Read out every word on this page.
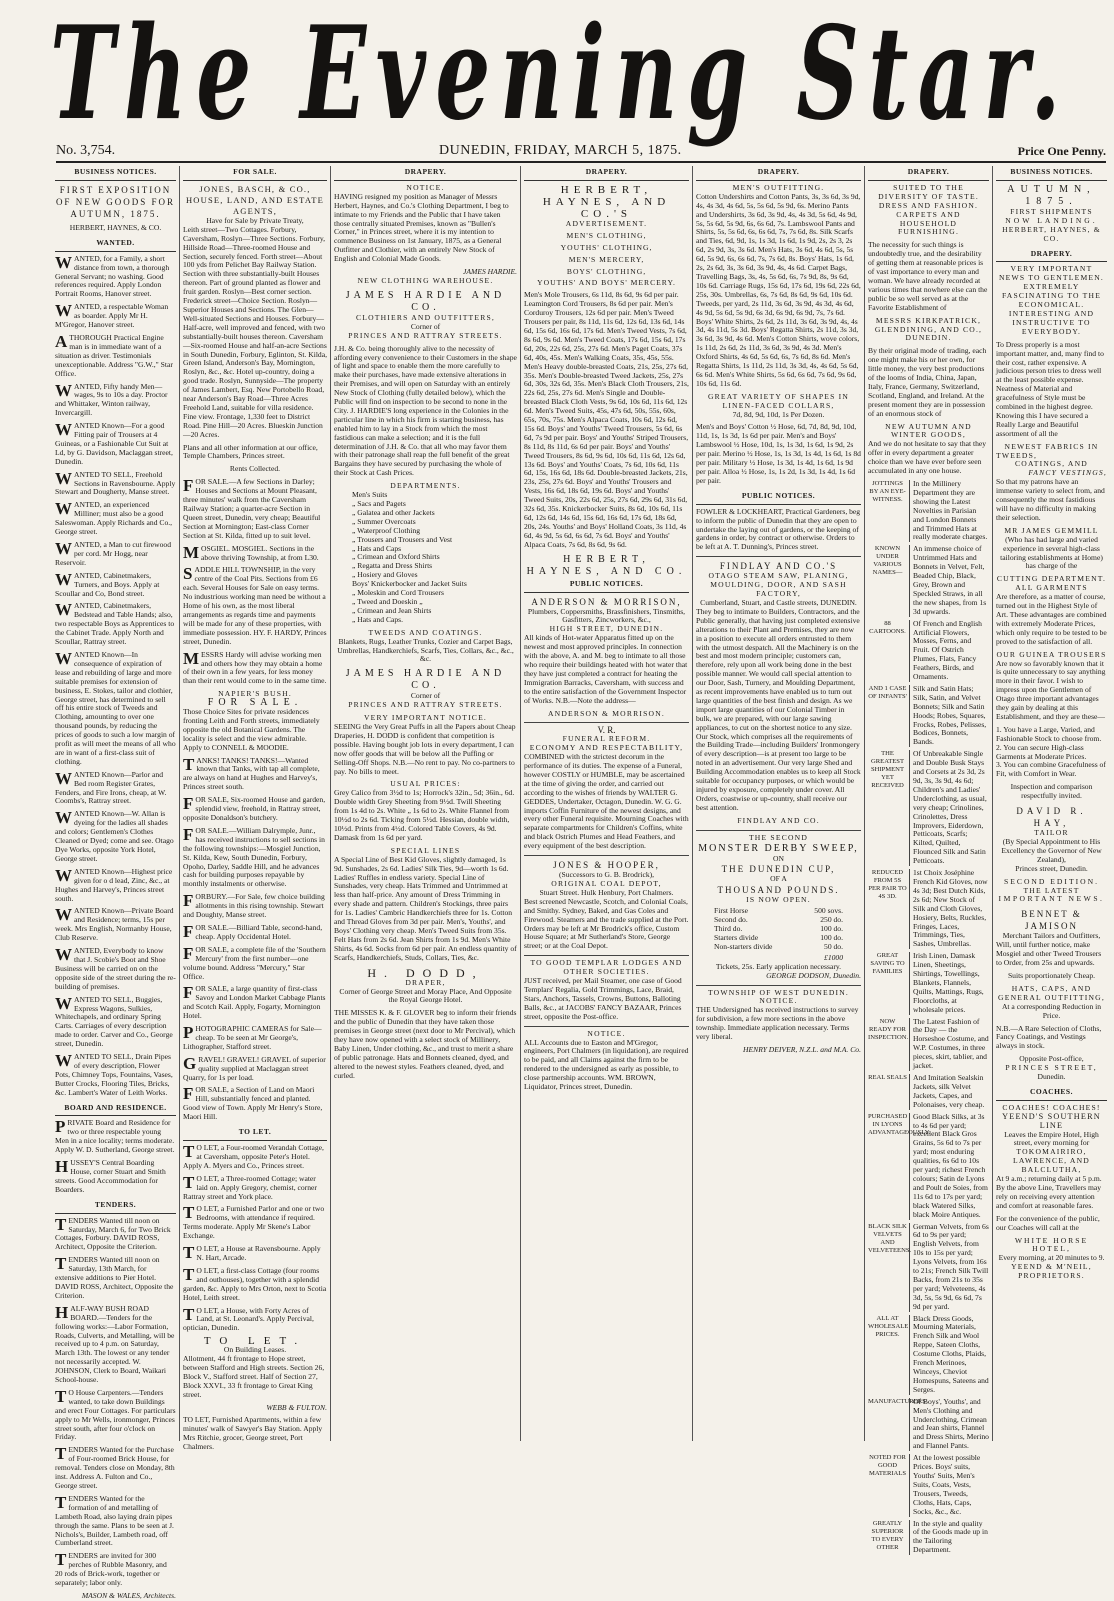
The Evening Star.
No. 3,754.	DUNEDIN, FRIDAY, MARCH 5, 1875.	Price One Penny.
BUSINESS NOTICES.
FIRST EXPOSITION OF NEW GOODS FOR AUTUMN, 1875.
HERBERT, HAYNES, & CO.
WANTED.
WANTED, for a Family, a short distance from town, a thorough General Servant; no washing. Good references required. Apply London Portrait Rooms, Hanover street.
WANTED, a respectable Woman as boarder. Apply Mr H. M'Gregor, Hanover street.
A THOROUGH Practical Engine man is in immediate want of a situation as driver. Testimonials unexceptionable. Address "G.W.," Star Office.
WANTED, Fifty handy Men—wages, 9s to 10s a day. Proctor and Whittaker, Winton railway, Invercargill.
WANTED Known—For a good Fitting pair of Trousers at 4 Guineas, or a Fashionable Cut Suit at Ld, by G. Davidson, Maclaggan street, Dunedin.
WANTED TO SELL, Freehold Sections in Ravensbourne. Apply Stewart and Dougherty, Manse street.
WANTED, an experienced Milliner; must also be a good Saleswoman. Apply Richards and Co., George street.
WANTED, a Man to cut firewood per cord. Mr Hogg, near Reservoir.
WANTED, Cabinetmakers, Turners, and Boys. Apply at Scoullar and Co, Bond street.
WANTED, Cabinetmakers, Bedstead and Table Hands; also, two respectable Boys as Apprentices to the Cabinet Trade. Apply North and Scoullar, Rattray street.
WANTED Known—In consequence of expiration of lease and rebuilding of large and more suitable premises for extension of business, E. Stokes, tailor and clothier, George street, has determined to sell off his entire stock of Tweeds and Clothing, amounting to over one thousand pounds, by reducing the prices of goods to such a low margin of profit as will meet the means of all who are in want of a first-class suit of clothing.
WANTED Known—Parlor and Bed room Register Grates, Fenders, and Fire Irons, cheap, at W. Coombs's, Rattray street.
WANTED Known—W. Allan is dyeing for the ladies all shades and colors; Gentlemen's Clothes Cleaned or Dyed; come and see. Otago Dye Works, opposite York Hotel, George street.
WANTED Known—Highest price given for o d lead, Zinc, &c., at Hughes and Harvey's, Princes street south.
WANTED Known—Private Board and Residence; terms, 15s per week. Mrs English, Normanby House, Club Reserve.
WANTED, Everybody to know that J. Scobie's Boot and Shoe Business will be carried on on the opposite side of the street during the re-building of premises.
WANTED TO SELL, Buggies, Express Wagons, Sulkies, Whitechapels, and ordinary Spring Carts. Carriages of every description made to order. Carver and Co., George street, Dunedin.
WANTED TO SELL, Drain Pipes of every description, Flower Pots, Chimney Tops, Fountains, Vases, Butter Crocks, Flooring Tiles, Bricks, &c. Lambert's Water of Leith Works.
BOARD AND RESIDENCE.
PRIVATE Board and Residence for two or three respectable young Men in a nice locality; terms moderate. Apply W. D. Sutherland, George street.
HUSSEY'S Central Boarding House, corner Stuart and Smith streets. Good Accommodation for Boarders.
TENDERS.
TENDERS Wanted till noon on Saturday, March 6, for Two Brick Cottages, Forbury. DAVID ROSS, Architect, Opposite the Criterion.
TENDERS Wanted till noon on Saturday, 13th March, for extensive additions to Pier Hotel. DAVID ROSS, Architect, Opposite the Criterion.
HALF-WAY BUSH ROAD BOARD.—Tenders for the following works:—Labor Formation, Roads, Culverts, and Metalling, will be received up to 4 p.m. on Saturday, March 13th. The lowest or any tender not necessarily accepted. W. JOHNSON, Clerk to Board, Waikari School-house.
T O House Carpenters.—Tenders wanted, to take down Buildings and erect Four Cottages. For particulars apply to Mr Wells, ironmonger, Princes street south, after four o'clock on Friday.
TENDERS Wanted for the Purchase of Four-roomed Brick House, for removal. Tenders close on Monday, 8th inst. Address A. Fulton and Co., George street.
TENDERS Wanted for the formation of and metalling of Lambeth Road, also laying drain pipes through the same. Plans to be seen at J. Nichols's, Builder, Lambeth road, off Cumberland street.
TENDERS are invited for 300 perches of Rubble Masonry, and 20 rods of Brick-work, together or separately; labor only.
MASON & WALES, Architects.
FOR SALE.
JONES, BASCH, & CO., HOUSE, LAND, AND ESTATE AGENTS,
Have for Sale by Private Treaty,
Leith street—Two Cottages. Forbury, Caversham, Roslyn—Three Sections. Forbury, Hillside Road—Three-roomed House and Section, securely fenced. Forth street—About 100 yds from Pelichet Bay Railway Station. Section with three substantially-built Houses thereon. Part of ground planted as flower and fruit garden. Roslyn—Best corner section. Frederick street—Choice Section. Roslyn—Superior Houses and Sections. The Glen—Well-situated Sections and Houses. Forbury—Half-acre, well improved and fenced, with two substantially-built houses thereon. Caversham—Six-roomed House and half-an-acre Sections in South Dunedin, Forbury, Eglinton, St. Kilda, Green Island, Anderson's Bay, Mornington, Roslyn, &c., &c. Hotel up-country, doing a good trade. Roslyn, Sunnyside—The property of James Lambert, Esq. New Portobello Road, near Anderson's Bay Road—Three Acres Freehold Land, suitable for villa residence. Fine view. Frontage, 1,330 feet to District Road. Pine Hill—20 Acres. Blueskin Junction—20 Acres.
Plans and all other information at our office, Temple Chambers, Princes street.
Rents Collected.
FOR SALE.—A few Sections in Darley; Houses and Sections at Mount Pleasant, three minutes' walk from the Caversham Railway Station; a quarter-acre Section in Queen street, Dunedin, very cheap; Beautiful Section at Mornington; East-class Corner Section at St. Kilda, fitted up to suit level.
MOSGIEL. MOSGIEL. Sections in the above thriving Township, at from L30.
SADDLE HILL TOWNSHIP, in the very centre of the Coal Pits. Sections from £6 each. Several Houses for Sale on easy terms. No industrious working man need be without a Home of his own, as the most liberal arrangements as regards time and payments will be made for any of these properties, with immediate possession. HY. F. HARDY, Princes street, Dunedin.
MESSRS Hardy will advise working men and others how they may obtain a home of their own in a few years, for less money than their rent would come to in the same time.
NAPIER'S BUSH.
FOR SALE.
Those Choice Sites for private residences fronting Leith and Forth streets, immediately opposite the old Botanical Gardens. The locality is select and the view admirable. Apply to CONNELL & MOODIE.
TANKS! TANKS! TANKS!—Wanted known that Tanks, with tap all complete, are always on hand at Hughes and Harvey's, Princes street south.
FOR SALE, Six-roomed House and garden, splendid view, freehold, in Rattray street, opposite Donaldson's butchery.
FOR SALE.—William Dalrymple, Junr., has received instructions to sell sections in the following townships:—Mosgiel Junction, St. Kilda, Kew, South Dunedin, Forbury, Opoho, Darley, Saddle Hill, and he advances cash for building purposes repayable by monthly instalments or otherwise.
FORBURY.—For Sale, few choice building allotments in this rising township. Stewart and Doughty, Manse street.
FOR SALE.—Billiard Table, second-hand, cheap. Apply Occidental Hotel.
FOR SALE, a complete file of the 'Southern Mercury' from the first number—one volume bound. Address "Mercury," Star Office.
FOR SALE, a large quantity of first-class Savoy and London Market Cabbage Plants and Scotch Kail. Apply, Fogarty, Mornington Hotel.
PHOTOGRAPHIC CAMERAS for Sale—cheap. To be seen at Mr George's, Lithographer, Stafford street.
GRAVEL! GRAVEL! GRAVEL of superior quality supplied at Maclaggan street Quarry, for 1s per load.
FOR SALE, a Section of Land on Maori Hill, substantially fenced and planted. Good view of Town. Apply Mr Henry's Store, Maori Hill.
TO LET.
T O LET, a Four-roomed Verandah Cottage, at Caversham, opposite Peter's Hotel. Apply A. Myers and Co., Princes street.
T O LET, a Three-roomed Cottage; water laid on. Apply Gregory, chemist, corner Rattray street and York place.
T O LET, a Furnished Parlor and one or two Bedrooms, with attendance if required. Terms moderate. Apply Mr Skene's Labor Exchange.
T O LET, a House at Ravensbourne. Apply N. Hart, Arcade.
T O LET, a first-class Cottage (four rooms and outhouses), together with a splendid garden, &c. Apply to Mrs Orton, next to Scotia Hotel, Leith street.
T O LET, a House, with Forty Acres of Land, at St. Leonard's. Apply Percival, optician, Dunedin.
TO LET.
On Building Leases.
Allotment, 44 ft frontage to Hope street, between Stafford and High streets. Section 26, Block V., Stafford street. Half of Section 27, Block XXVI., 33 ft frontage to Great King street.
WEBB & FULTON.
TO LET, Furnished Apartments, within a few minutes' walk of Sawyer's Bay Station. Apply Mrs Ritchie, grocer, George street, Port Chalmers.
DRAPERY.
NOTICE.
HAVING resigned my position as Manager of Messrs Herbert, Haynes, and Co.'s Clothing Department, I beg to intimate to my Friends and the Public that I have taken those centrally situated Premises, known as "Bullen's Corner," in Princes street, where it is my intention to commence Business on 1st January, 1875, as a General Outfitter and Clothier, with an entirely New Stock of English and Colonial Made Goods.
JAMES HARDIE.
NEW CLOTHING WAREHOUSE.
JAMES HARDIE AND CO.
CLOTHIERS AND OUTFITTERS,
Corner of
PRINCES AND RATTRAY STREETS.
J.H. & Co. being thoroughly alive to the necessity of affording every convenience to their Customers in the shape of light and space to enable them the more carefully to make their purchases, have made extensive alterations in their Premises, and will open on Saturday with an entirely New Stock of Clothing (fully detailed below), which the Public will find on inspection to be second to none in the City. J. HARDIE'S long experience in the Colonies in the particular line in which his firm is starting business, has enabled him to lay in a Stock from which the most fastidious can make a selection; and it is the full determination of J.H. & Co. that all who may favor them with their patronage shall reap the full benefit of the great Bargains they have secured by purchasing the whole of their Stock at Cash Prices.
DEPARTMENTS.
Men's Suits
„ Sacs and Pagets
„ Galatea and other Jackets
„ Summer Overcoats
„ Waterproof Clothing
„ Trousers and Trousers and Vest
„ Hats and Caps
„ Crimean and Oxford Shirts
„ Regatta and Dress Shirts
„ Hosiery and Gloves
Boys' Knickerbocker and Jacket Suits
„ Moleskin and Cord Trousers
„ Tweed and Doeskin „
„ Crimean and Jean Shirts
„ Hats and Caps.
TWEEDS AND COATINGS.
Blankets, Rugs, Leather Trunks, Cozier and Carpet Bags, Umbrellas, Handkerchiefs, Scarfs, Ties, Collars, &c., &c., &c.
JAMES HARDIE AND CO.
Corner of
PRINCES AND RATTRAY STREETS.
VERY IMPORTANT NOTICE.
SEEING the Very Great Puffs in all the Papers about Cheap Draperies, H. DODD is confident that competition is possible. Having bought job lots in every department, I can now offer goods that will be below all the Puffing or Selling-Off Shops. N.B.—No rent to pay. No co-partners to pay. No bills to meet.
USUAL PRICES:
Grey Calico from 3½d to 1s; Horrock's 32in., 5d; 36in., 6d. Double width Grey Sheeting from 9½d. Twill Sheeting from 1s 4d to 2s. White „ 1s 6d to 2s. White Flannel from 10½d to 2s 6d. Ticking from 5½d. Hessian, double width, 10½d. Prints from 4½d. Colored Table Covers, 4s 9d. Damask from 1s 6d per yard.
SPECIAL LINES
A Special Line of Best Kid Gloves, slightly damaged, 1s 9d. Sunshades, 2s 6d. Ladies' Silk Ties, 9d—worth 1s 6d. Ladies' Ruffles in endless variety. Special Line of Sunshades, very cheap. Hats Trimmed and Untrimmed at less than half-price. Any amount of Dress Trimming in every shade and pattern. Children's Stockings, three pairs for 1s. Ladies' Cambric Handkerchiefs three for 1s. Cotton and Thread Gloves from 3d per pair. Men's, Youths', and Boys' Clothing very cheap. Men's Tweed Suits from 35s. Felt Hats from 2s 6d. Jean Shirts from 1s 9d. Men's White Shirts, 4s 6d. Socks from 6d per pair. An endless quantity of Scarfs, Handkerchiefs, Studs, Collars, Ties, &c.
H. DODD,
DRAPER,
Corner of George Street and Moray Place, And Opposite the Royal George Hotel.
THE MISSES K. & F. GLOVER beg to inform their friends and the public of Dunedin that they have taken those premises in George street (next door to Mr Percival), which they have now opened with a select stock of Millinery, Baby Linen, Under clothing, &c., and trust to merit a share of public patronage. Hats and Bonnets cleaned, dyed, and altered to the newest styles. Feathers cleaned, dyed, and curled.
DRAPERY.
HERBERT, HAYNES, AND CO.'S
ADVERTISEMENT.
MEN'S CLOTHING,
YOUTHS' CLOTHING,
MEN'S MERCERY,
BOYS' CLOTHING,
YOUTHS' AND BOYS' MERCERY.
Men's Mole Trousers, 6s 11d, 8s 6d, 9s 6d per pair. Leamington Cord Trousers, 8s 6d per pair. Men's Corduroy Trousers, 12s 6d per pair. Men's Tweed Trousers per pair, 8s 11d, 11s 6d, 12s 6d, 13s 6d, 14s 6d, 15s 6d, 16s 6d, 17s 6d. Men's Tweed Vests, 7s 6d, 8s 6d, 9s 6d. Men's Tweed Coats, 17s 6d, 15s 6d, 17s 6d, 20s, 22s 6d, 25s, 27s 6d. Men's Paget Coats, 37s 6d, 40s, 45s. Men's Walking Coats, 35s, 45s, 55s. Men's Heavy double-breasted Coats, 21s, 25s, 27s 6d, 35s. Men's Double-breasted Tweed Jackets, 25s, 27s 6d, 30s, 32s 6d, 35s. Men's Black Cloth Trousers, 21s, 22s 6d, 25s, 27s 6d. Men's Single and Double-breasted Black Cloth Vests, 9s 6d, 10s 6d, 11s 6d, 12s 6d. Men's Tweed Suits, 45s, 47s 6d, 50s, 55s, 60s, 65s, 70s, 75s. Men's Alpaca Coats, 10s 6d, 12s 6d, 15s 6d. Boys' and Youths' Tweed Trousers, 5s 6d, 6s 6d, 7s 9d per pair. Boys' and Youths' Striped Trousers, 8s 11d, 8s 11d, 6s 6d per pair. Boys' and Youths' Tweed Trousers, 8s 6d, 9s 6d, 10s 6d, 11s 6d, 12s 6d, 13s 6d. Boys' and Youths' Coats, 7s 6d, 10s 6d, 11s 6d, 15s, 16s 6d, 18s 6d. Double-breasted Jackets, 21s, 23s, 25s, 27s 6d. Boys' and Youths' Trousers and Vests, 16s 6d, 18s 6d, 19s 6d. Boys' and Youths' Tweed Suits, 20s, 22s 6d, 25s, 27s 6d, 29s 6d, 31s 6d, 32s 6d, 35s. Knickerbocker Suits, 8s 6d, 10s 6d, 11s 6d, 12s 6d, 14s 6d, 15s 6d, 16s 6d, 17s 6d, 18s 6d, 20s, 24s. Youths' and Boys' Holland Coats, 3s 11d, 4s 6d, 4s 9d, 5s 6d, 6s 6d, 7s 6d. Boys' and Youths' Alpaca Coats, 7s 6d, 8s 6d, 9s 6d.
HERBERT, HAYNES, AND CO.
PUBLIC NOTICES.
ANDERSON & MORRISON,
Plumbers, Coppersmiths, Brassfinishers, Tinsmiths, Gasfitters, Zincworkers, &c.,
HIGH STREET, DUNEDIN.
All kinds of Hot-water Apparatus fitted up on the newest and most approved principles. In connection with the above, A. and M. beg to intimate to all those who require their buildings heated with hot water that they have just completed a contract for heating the Immigration Barracks, Caversham, with success and to the entire satisfaction of the Government Inspector of Works. N.B.—Note the address—
ANDERSON & MORRISON.
V. R.
FUNERAL REFORM.
ECONOMY AND RESPECTABILITY,
COMBINED with the strictest decorum in the performance of its duties. The expense of a Funeral, however COSTLY or HUMBLE, may be ascertained at the time of giving the order, and carried out according to the wishes of friends by WALTER G. GEDDES, Undertaker, Octagon, Dunedin. W. G. G. imports Coffin Furniture of the newest designs, and every other Funeral requisite. Mourning Coaches with separate compartments for Children's Coffins, white and black Ostrich Plumes and Head Feathers, and every equipment of the best description.
JONES & HOOPER,
(Successors to G. B. Brodrick),
ORIGINAL COAL DEPOT,
Stuart Street. Hulk Henbury, Port Chalmers.
Best screened Newcastle, Scotch, and Colonial Coals, and Smithy. Sydney, Baked, and Gas Coles and Firewood. Steamers and the trade supplied at the Port. Orders may be left at Mr Brodrick's office, Custom House Square; at Mr Sutherland's Store, George street; or at the Coal Depot.
TO GOOD TEMPLAR LODGES AND OTHER SOCIETIES.
JUST received, per Mail Steamer, one case of Good Templars' Regalia, Gold Trimmings, Lace, Braid, Stars, Anchors, Tassels, Crowns, Buttons, Balloting Balls, &c., at JACOBS' FANCY BAZAAR, Princes street, opposite the Post-office.
NOTICE.
ALL Accounts due to Easton and M'Gregor, engineers, Port Chalmers (in liquidation), are required to be paid, and all Claims against the firm to be rendered to the undersigned as early as possible, to close partnership accounts. WM. BROWN, Liquidator, Princes street, Dunedin.
DRAPERY.
MEN'S OUTFITTING.
Cotton Undershirts and Cotton Pants, 3s, 3s 6d, 3s 9d, 4s, 4s 3d, 4s 6d, 5s, 5s 6d, 5s 9d, 6s. Merino Pants and Undershirts, 3s 6d, 3s 9d, 4s, 4s 3d, 5s 6d, 4s 9d, 5s, 5s 6d, 5s 9d, 6s, 6s 6d, 7s. Lambswool Pants and Shirts, 5s, 5s 6d, 6s, 6s 6d, 7s, 7s 6d, 8s. Silk Scarfs and Ties, 6d, 9d, 1s, 1s 3d, 1s 6d, 1s 9d, 2s, 2s 3, 2s 6d, 2s 9d, 3s, 3s 6d. Men's Hats, 3s 6d, 4s 6d, 5s, 5s 6d, 5s 9d, 6s, 6s 6d, 7s, 7s 6d, 8s. Boys' Hats, 1s 6d, 2s, 2s 6d, 3s, 3s 6d, 3s 9d, 4s, 4s 6d. Carpet Bags, Travelling Bags, 3s, 4s, 5s 6d, 6s, 7s 9d, 8s, 9s 6d, 10s 6d. Carriage Rugs, 15s 6d, 17s 6d, 19s 6d, 22s 6d, 25s, 30s. Umbrellas, 6s, 7s 6d, 8s 6d, 9s 6d, 10s 6d. Tweeds, per yard, 2s 11d, 3s 6d, 3s 9d, 4s 3d, 4s 6d, 4s 9d, 5s 6d, 5s 9d, 6s 3d, 6s 9d, 6s 9d, 7s, 7s 6d. Boys' White Shirts, 2s 6d, 2s 11d, 3s 6d, 3s 9d, 4s, 4s 3d, 4s 11d, 5s 3d. Boys' Regatta Shirts, 2s 11d, 3s 3d, 3s 6d, 3s 9d, 4s 6d. Men's Cotton Shirts, wove colors, 1s 11d, 2s 6d, 2s 11d, 3s 6d, 3s 9d, 4s 3d. Men's Oxford Shirts, 4s 6d, 5s 6d, 6s, 7s 6d, 8s 6d. Men's Regatta Shirts, 1s 11d, 2s 11d, 3s 3d, 4s, 4s 6d, 5s 6d, 6s 6d. Men's White Shirts, 5s 6d, 6s 6d, 7s 6d, 9s 6d, 10s 6d, 11s 6d.
GREAT VARIETY OF SHAPES IN LINEN-FACED COLLARS,
7d, 8d, 9d, 10d, 1s Per Dozen.
Men's and Boys' Cotton ½ Hose, 6d, 7d, 8d, 9d, 10d, 11d, 1s, 1s 3d, 1s 6d per pair. Men's and Boys' Lambswool ½ Hose, 10d, 1s, 1s 3d, 1s 6d, 1s 9d, 2s per pair. Merino ½ Hose, 1s, 1s 3d, 1s 4d, 1s 6d, 1s 8d per pair. Military ½ Hose, 1s 3d, 1s 4d, 1s 6d, 1s 9d per pair. Alloa ½ Hose, 1s, 1s 2d, 1s 3d, 1s 4d, 1s 6d per pair.
PUBLIC NOTICES.
FOWLER & LOCKHEART, Practical Gardeners, beg to inform the public of Dunedin that they are open to undertake the laying out of gardens, or the keeping of gardens in order, by contract or otherwise. Orders to be left at A. T. Dunning's, Princes street.
FINDLAY AND CO.'S
OTAGO STEAM SAW, PLANING, MOULDING, DOOR, AND SASH FACTORY,
Cumberland, Stuart, and Castle streets, DUNEDIN.
They beg to intimate to Builders, Contractors, and the Public generally, that having just completed extensive alterations to their Plant and Premises, they are now in a position to execute all orders entrusted to them with the utmost despatch. All the Machinery is on the best and most modern principle; customers can, therefore, rely upon all work being done in the best possible manner. We would call special attention to our Door, Sash, Turnery, and Moulding Department, as recent improvements have enabled us to turn out large quantities of the best finish and design. As we import large quantities of our Colonial Timber in bulk, we are prepared, with our large sawing appliances, to cut on the shortest notice to any size. Our Stock, which comprises all the requirements of the Building Trade—including Builders' Ironmongery of every description—is at present too large to be noted in an advertisement. Our very large Shed and Building Accommodation enables us to keep all Stock suitable for occupancy purposes, or which would be injured by exposure, completely under cover. All Orders, coastwise or up-country, shall receive our best attention.
FINDLAY AND CO.
THE SECOND
MONSTER DERBY SWEEP,
ON
THE DUNEDIN CUP,
OF A
THOUSAND POUNDS.
IS NOW OPEN.
First Horse	500 sovs.
Second do.	250 do.
Third do.	100 do.
Starters divide	100 do.
Non-starters divide	50 do.
£1000
Tickets, 25s. Early application necessary.
GEORGE DODSON, Dunedin.
TOWNSHIP OF WEST DUNEDIN.
NOTICE.
THE Undersigned has received instructions to survey for subdivision, a few more sections in the above township. Immediate application necessary. Terms very liberal.
HENRY DEIVER, N.Z.L. and M.A. Co.
DRAPERY.
SUITED TO THE DIVERSITY OF TASTE.
DRESS AND FASHION.
CARPETS AND HOUSEHOLD FURNISHING.
The necessity for such things is undoubtedly true, and the desirability of getting them at reasonable prices is of vast importance to every man and woman. We have already recorded at various times that nowhere else can the public be so well served as at the Favorite Establishment of
MESSRS KIRKPATRICK, GLENDINING, AND CO., DUNEDIN.
By their original mode of trading, each one might make his or her own, for little money, the very best productions of the looms of India, China, Japan, Italy, France, Germany, Switzerland, Scotland, England, and Ireland. At the present moment they are in possession of an enormous stock of
NEW AUTUMN AND WINTER GOODS,
And we do not hesitate to say that they offer in every department a greater choice than we have ever before seen accumulated in any one house.
JOTTINGS BY AN EYE-WITNESS.
In the Millinery Department they are showing the Latest Novelties in Parisian and London Bonnets and Trimmed Hats at really moderate charges.
KNOWN UNDER VARIOUS NAMES—
An immense choice of Untrimmed Hats and Bonnets in Velvet, Felt, Beaded Chip, Black, Grey, Brown and Speckled Straws, in all the new shapes, from 1s 3d upwards.
88 CARTOONS.
Of French and English Artificial Flowers, Mosses, Ferns, and Fruit. Of Ostrich Plumes, Flats, Fancy Feathers, Birds, and Ornaments.
AND 1 CASE OF INFANTS'
Silk and Satin Hats; Silk, Satin, and Velvet Bonnets; Silk and Satin Hoods; Robes, Squares, Frocks, Robes, Pelisses, Bodices, Bonnets, Bands.
THE GREATEST SHIPMENT YET RECEIVED
Of Unbreakable Single and Double Busk Stays and Corsets at 2s 3d, 2s 9d, 3s, 3s 9d, 4s 6d; Children's and Ladies' Underclothing, as usual, very cheap; Crinolines, Crinolettes, Dress Improvers, Eiderdown, Petticoats, Scarfs; Kilted, Quilted, Flounced Silk and Satin Petticoats.
REDUCED FROM 5S PER PAIR TO 4S 3D.
1st Choix Joséphine French Kid Gloves, now 4s 3d; Best Dutch Kids, 2s 6d; New Stock of Silk and Cloth Gloves, Hosiery, Belts, Ruckles, Fringes, Laces, Trimmings, Ties, Sashes, Umbrellas.
GREAT SAVING TO FAMILIES
Irish Linen, Damask Linen, Sheetings, Shirtings, Towellings, Blankets, Flannels, Quilts, Mattings, Rugs, Floorcloths, at wholesale prices.
NOW READY FOR INSPECTION.
The Latest Fashion of the Day — the Horseshoe Costume, and W.P. Costumes, in three pieces, skirt, tablier, and jacket.
REAL SEALS And Imitation Sealskin Jackets, silk Velvet Jackets, Capes, and Polonaises, very cheap.
PURCHASED IN LYONS ADVANTAGEOUSLY.
Good Black Silks, at 3s to 4s 6d per yard; excellent Black Gros Grains, 5s 6d to 7s per yard; most enduring qualities, 6s 6d to 10s per yard; richest French colours; Satin de Lyons and Poult de Soies, from 11s 6d to 17s per yard; black Watered Silks, black Moire Antiques.
BLACK SILK VELVETS AND VELVETEENS.
German Velvets, from 6s 6d to 9s per yard; English Velvets, from 10s to 15s per yard; Lyons Velvets, from 16s to 21s; French Silk Twill Backs, from 21s to 35s per yard; Velveteens, 4s 3d, 5s, 5s 9d, 6s 6d, 7s 9d per yard.
ALL AT WHOLESALE PRICES.
Black Dress Goods, Mourning Materials, French Silk and Wool Reppe, Sateen Cloths, Costume Cloths, Plaids, French Merinoes, Winceys, Cheviot Homespuns, Sateens and Serges.
MANUFACTURERS
Of Boys', Youths', and Men's Clothing and Underclothing, Crimean and Jean shirts, Flannel and Dress Shirts, Merino and Flannel Pants.
NOTED FOR GOOD MATERIALS
At the lowest possible Prices. Boys' suits, Youths' Suits, Men's Suits, Coats, Vests, Trousers, Tweeds, Cloths, Hats, Caps, Socks, &c., &c.
GREATLY SUPERIOR TO EVERY OTHER
In the style and quality of the Goods made up in the Tailoring Department.
BUSINESS NOTICES.
AUTUMN, 1875.
FIRST SHIPMENTS
NOW LANDING.
HERBERT, HAYNES, & CO.
DRAPERY.
VERY IMPORTANT NEWS TO GENTLEMEN.
EXTREMELY FASCINATING TO THE ECONOMICAL.
INTERESTING AND INSTRUCTIVE TO EVERYBODY.
To Dress properly is a most important matter, and, many find to their cost, rather expensive. A judicious person tries to dress well at the least possible expense. Neatness of Material and gracefulness of Style must be combined in the highest degree. Knowing this I have secured a Really Large and Beautiful assortment of all the
NEWEST FABRICS IN
TWEEDS,
COATINGS, AND
FANCY VESTINGS,
So that my patrons have an immense variety to select from, and consequently the most fastidious will have no difficulty in making their selection.
MR JAMES GEMMILL
(Who has had large and varied experience in several high-class tailoring establishments at Home) has charge of the
CUTTING DEPARTMENT.
ALL GARMENTS
Are therefore, as a matter of course, turned out in the Highest Style of Art. These advantages are combined with extremely Moderate Prices, which only require to be tested to be proved to the satisfaction of all.
OUR GUINEA TROUSERS
Are now so favorably known that it is quite unnecessary to say anything more in their favor. I wish to impress upon the Gentlemen of Otago three important advantages they gain by dealing at this Establishment, and they are these—
1. You have a Large, Varied, and Fashionable Stock to choose from.
2. You can secure High-class Garments at Moderate Prices.
3. You can combine Gracefulness of Fit, with Comfort in Wear.
Inspection and comparison respectfully invited.
DAVID R. HAY,
TAILOR
(By Special Appointment to His Excellency the Governor of New Zealand),
Princes street, Dunedin.
SECOND EDITION.
THE LATEST
IMPORTANT NEWS.
BENNET & JAMISON
Merchant Tailors and Outfitters,
Will, until further notice, make Mosgiel and other Tweed Trousers to Order, from 25s and upwards.
Suits proportionately Cheap.
HATS, CAPS, AND GENERAL OUTFITTING,
At a corresponding Reduction in Price.
N.B.—A Rare Selection of Cloths, Fancy Coatings, and Vestings always in stock.
Opposite Post-office,
PRINCES STREET,
Dunedin.
COACHES.
COACHES! COACHES!
YEEND'S SOUTHERN LINE
Leaves the Empire Hotel, High street, every morning for
TOKOMAIRIRO, LAWRENCE, AND BALCLUTHA,
At 9 a.m.; returning daily at 5 p.m. By the above Line, Travellers may rely on receiving every attention and comfort at reasonable fares.
For the convenience of the public, our Coaches will call at the
WHITE HORSE HOTEL,
Every morning, at 20 minutes to 9.
YEEND & M'NEIL, PROPRIETORS.
